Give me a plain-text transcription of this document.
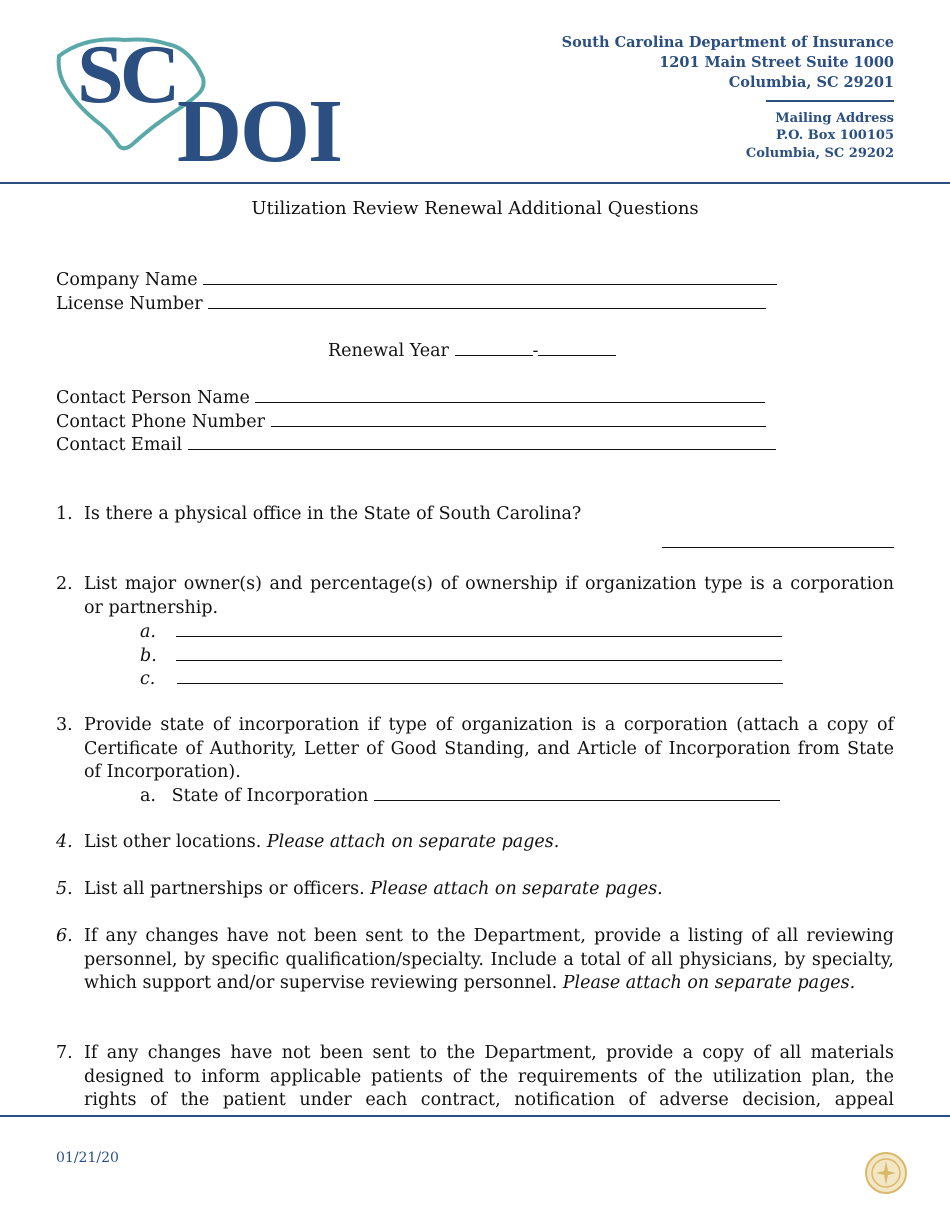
SC
DOI
South Carolina Department of Insurance
1201 Main Street Suite 1000
Columbia, SC 29201
Mailing Address
P.O. Box 100105
Columbia, SC 29202
Utilization Review Renewal Additional Questions
Company Name
License Number
Renewal Year	-
Contact Person Name
Contact Phone Number
Contact Email
1. Is there a physical office in the State of South Carolina?
2. List major owner(s) and percentage(s) of ownership if organization type is a corporation or partnership.
a.
b.
c.
3. Provide state of incorporation if type of organization is a corporation (attach a copy of Certificate of Authority, Letter of Good Standing, and Article of Incorporation from State of Incorporation).
a. State of Incorporation
4. List other locations. Please attach on separate pages.
5. List all partnerships or officers. Please attach on separate pages.
6. If any changes have not been sent to the Department, provide a listing of all reviewing personnel, by specific qualification/specialty. Include a total of all physicians, by specialty, which support and/or supervise reviewing personnel. Please attach on separate pages.
7. If any changes have not been sent to the Department, provide a copy of all materials designed to inform applicable patients of the requirements of the utilization plan, the rights of the patient under each contract, notification of adverse decision, appeal
01/21/20
